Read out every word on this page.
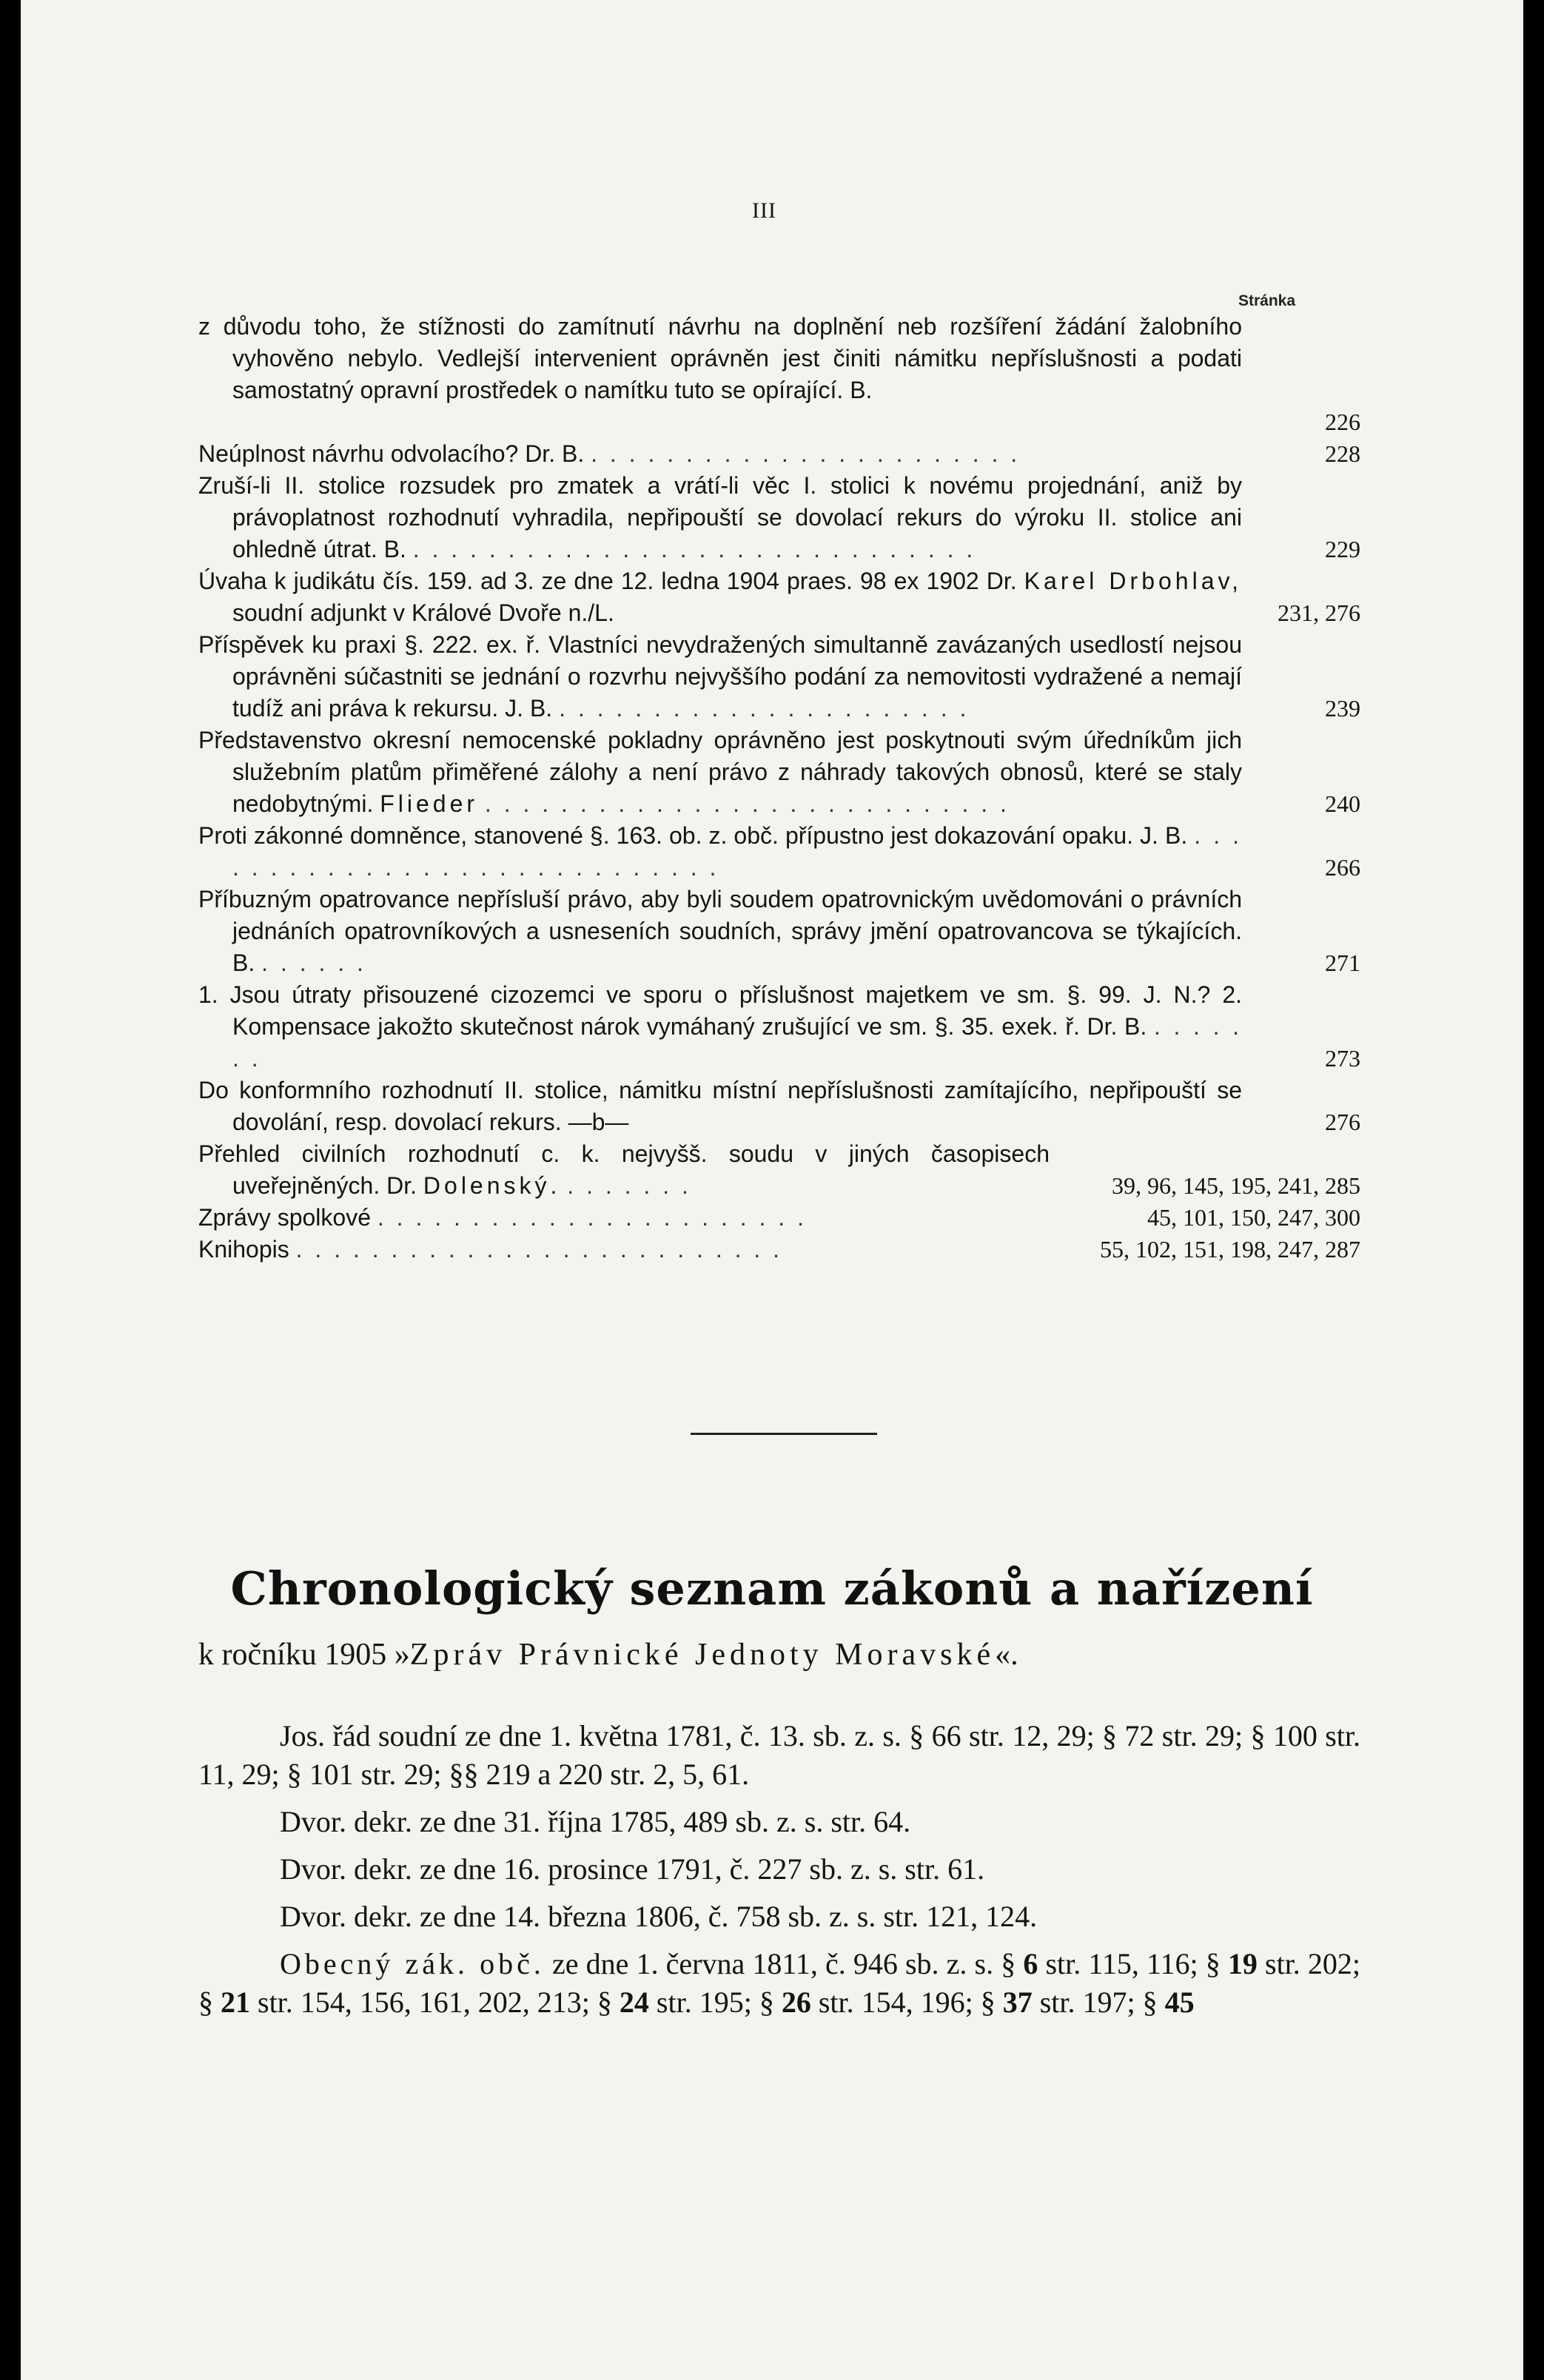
III
Stránka
z důvodu toho, že stížnosti do zamítnutí návrhu na doplnění neb rozšíření žádání žalobního vyhověno nebylo. Vedlejší intervenient oprávněn jest činiti námitku nepříslušnosti a podati samostatný opravní prostředek o namítku tuto se opírající. B.
226
Neúplnost návrhu odvolacího? Dr. B. . . . . . . . . . . . . . . . . . . . . . . .	228
Zruší-li II. stolice rozsudek pro zmatek a vrátí-li věc I. stolici k novému projednání, aniž by právoplatnost rozhodnutí vyhradila, nepřipouští se dovolací rekurs do výroku II. stolice ani ohledně útrat. B. . . . . . . . . . . . . . . . . . . . . . . . . . . . . . .	229
Úvaha k judikátu čís. 159. ad 3. ze dne 12. ledna 1904 praes. 98 ex 1902 Dr. Karel Drbohlav, soudní adjunkt v Králové Dvoře n./L.	231, 276
Příspěvek ku praxi §. 222. ex. ř. Vlastníci nevydražených simultanně zavázaných usedlostí nejsou oprávněni súčastniti se jednání o rozvrhu nejvyššího podání za nemovitosti vydražené a nemají tudíž ani práva k rekursu. J. B. . . . . . . . . . . . . . . . . . . . . . .	239
Představenstvo okresní nemocenské pokladny oprávněno jest poskytnouti svým úředníkům jich služebním platům přiměřené zálohy a není právo z náhrady takových obnosů, které se staly nedobytnými. Flieder . . . . . . . . . . . . . . . . . . . . . . . . . . . .	240
Proti zákonné domněnce, stanovené §. 163. ob. z. obč. přípustno jest dokazování opaku. J. B. . . . . . . . . . . . . . . . . . . . . . . . . . . . . .	266
Příbuzným opatrovance nepřísluší právo, aby byli soudem opatrovnickým uvědomováni o právních jednáních opatrovníkových a usneseních soudních, správy jmění opatrovancova se týkajících. B. . . . . . .	271
1. Jsou útraty přisouzené cizozemci ve sporu o příslušnost majetkem ve sm. §. 99. J. N.? 2. Kompensace jakožto skutečnost nárok vymáhaný zrušující ve sm. §. 35. exek. ř. Dr. B. . . . . . . .	273
Do konformního rozhodnutí II. stolice, námitku místní nepříslušnosti zamítajícího, nepřipouští se dovolání, resp. dovolací rekurs. —b—	276
Přehled civilních rozhodnutí c. k. nejvyšš. soudu v jiných časopisech uveřejněných. Dr. Dolenský. . . . . . . .	39, 96, 145, 195, 241, 285
Zprávy spolkové . . . . . . . . . . . . . . . . . . . . . . .	45, 101, 150, 247, 300
Knihopis . . . . . . . . . . . . . . . . . . . . . . . . . .	55, 102, 151, 198, 247, 287
Chronologický seznam zákonů a nařízení
k ročníku 1905 »Zpráv Právnické Jednoty Moravské«.
Jos. řád soudní ze dne 1. května 1781, č. 13. sb. z. s. § 66 str. 12, 29; § 72 str. 29; § 100 str. 11, 29; § 101 str. 29; §§ 219 a 220 str. 2, 5, 61.
Dvor. dekr. ze dne 31. října 1785, 489 sb. z. s. str. 64.
Dvor. dekr. ze dne 16. prosince 1791, č. 227 sb. z. s. str. 61.
Dvor. dekr. ze dne 14. března 1806, č. 758 sb. z. s. str. 121, 124.
Obecný zák. obč. ze dne 1. června 1811, č. 946 sb. z. s. § 6 str. 115, 116; § 19 str. 202; § 21 str. 154, 156, 161, 202, 213; § 24 str. 195; § 26 str. 154, 196; § 37 str. 197; § 45
